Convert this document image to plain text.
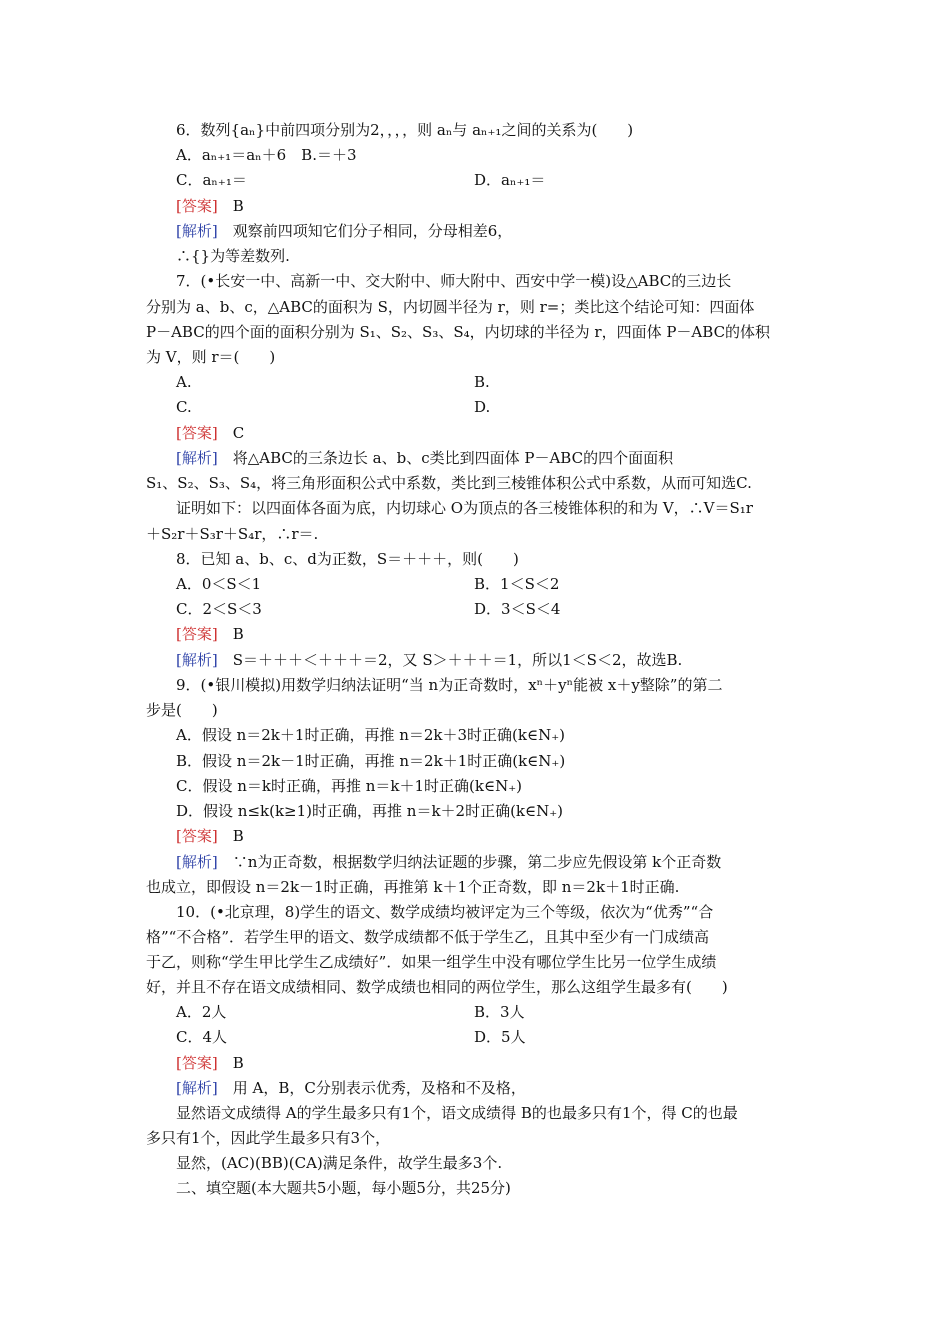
6．数列{aₙ}中前四项分别为2，，，，则 aₙ与 aₙ₊₁之间的关系为(　　)
A．aₙ₊₁＝aₙ＋6　B.＝＋3
C．aₙ₊₁＝	D．aₙ₊₁＝
[答案]　 B
[解析]　 观察前四项知它们分子相同，分母相差6，
∴{}为等差数列.
7．(•长安一中、高新一中、交大附中、师大附中、西安中学一模)设△ABC的三边长
分别为 a、b、c，△ABC的面积为 S，内切圆半径为 r，则 r=；类比这个结论可知：四面体
P－ABC的四个面的面积分别为 S₁、S₂、S₃、S₄，内切球的半径为 r，四面体 P－ABC的体积
为 V，则 r＝(　　)
A.	B.
C.	D.
[答案]　 C
[解析]　 将△ABC的三条边长 a、b、c类比到四面体 P－ABC的四个面面积
S₁、S₂、S₃、S₄，将三角形面积公式中系数，类比到三棱锥体积公式中系数，从而可知选C.
证明如下：以四面体各面为底，内切球心 O为顶点的各三棱锥体积的和为 V，∴V＝S₁r
＋S₂r＋S₃r＋S₄r，∴r＝.
8．已知 a、b、c、d为正数，S＝＋＋＋，则(　　)
A．0＜S＜1	B．1＜S＜2
C．2＜S＜3	D．3＜S＜4
[答案]　 B
[解析]　 S＝＋＋＋＜＋＋＋＝2，又 S＞＋＋＋＝1，所以1＜S＜2，故选B.
9．(•银川模拟)用数学归纳法证明“当 n为正奇数时，xⁿ＋yⁿ能被 x＋y整除”的第二
步是(　　)
A．假设 n＝2k＋1时正确，再推 n＝2k＋3时正确(k∈N₊)
B．假设 n＝2k－1时正确，再推 n＝2k＋1时正确(k∈N₊)
C．假设 n＝k时正确，再推 n＝k＋1时正确(k∈N₊)
D．假设 n≤k(k≥1)时正确，再推 n＝k＋2时正确(k∈N₊)
[答案]　 B
[解析]　 ∵n为正奇数，根据数学归纳法证题的步骤，第二步应先假设第 k个正奇数
也成立，即假设 n＝2k－1时正确，再推第 k＋1个正奇数，即 n＝2k＋1时正确.
10．(•北京理，8)学生的语文、数学成绩均被评定为三个等级，依次为“优秀”“合
格”“不合格”．若学生甲的语文、数学成绩都不低于学生乙，且其中至少有一门成绩高
于乙，则称“学生甲比学生乙成绩好”．如果一组学生中没有哪位学生比另一位学生成绩
好，并且不存在语文成绩相同、数学成绩也相同的两位学生，那么这组学生最多有(　　)
A．2人	B．3人
C．4人	D．5人
[答案]　 B
[解析]　 用 A，B，C分别表示优秀，及格和不及格，
显然语文成绩得 A的学生最多只有1个，语文成绩得 B的也最多只有1个，得 C的也最
多只有1个，因此学生最多只有3个，
显然，(AC)(BB)(CA)满足条件，故学生最多3个.
二、填空题(本大题共5小题，每小题5分，共25分)
